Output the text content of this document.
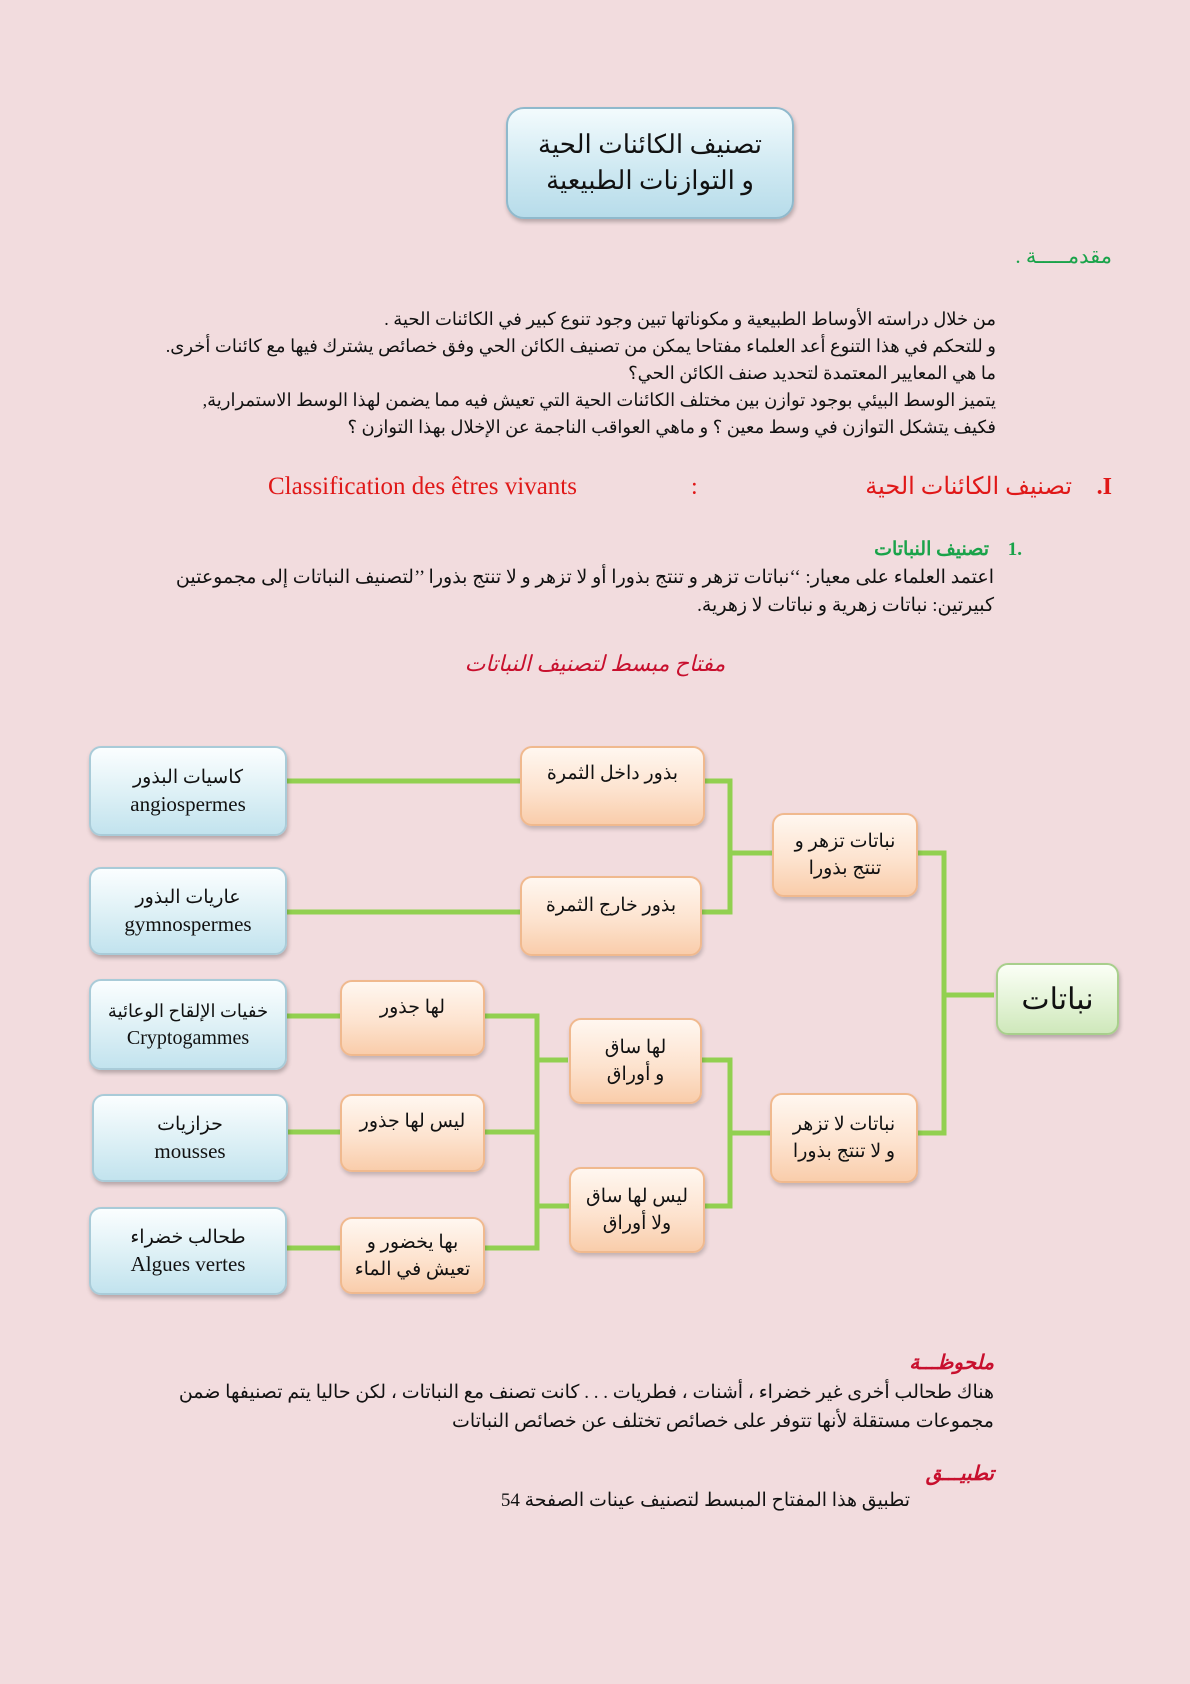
تصنيف الكائنات الحية
و التوازنات الطبيعية
مقدمـــــة .

من خلال دراسته الأوساط الطبيعية و مكوناتها تبين وجود تنوع كبير في الكائنات الحية .

و للتحكم في هذا التنوع أعد العلماء مفتاحا يمكن من تصنيف الكائن الحي وفق خصائص يشترك فيها مع كائنات أخرى.

ما هي المعايير المعتمدة لتحديد صنف الكائن الحي؟

يتميز الوسط البيئي بوجود توازن بين مختلف الكائنات الحية التي تعيش فيه مما يضمن لهذا الوسط الاستمرارية,

فكيف يتشكل التوازن في وسط معين ؟ و ماهي العواقب الناجمة عن الإخلال بهذا التوازن ؟

.I
تصنيف الكائنات الحية
:
Classification des êtres vivants
.1 تصنيف النباتات

اعتمد العلماء على معيار: ‘‘نباتات تزهر و تنتج بذورا أو لا تزهر و لا تنتج بذورا ’’لتصنيف النباتات إلى مجموعتين

كبيرتين: نباتات زهرية و نباتات لا زهرية.

مفتاح مبسط لتصنيف النباتات
نباتات
نباتات تزهر و
تنتج بذورا
نباتات لا تزهر
و لا تنتج بذورا
بذور داخل الثمرة
بذور خارج الثمرة
لها ساق
و أوراق
ليس لها ساق
ولا أوراق
لها جذور
ليس لها جذور
بها يخضور و
تعيش في الماء
كاسيات البذور
angiospermes
عاريات البذور
gymnospermes
خفيات الإلقاح الوعائية
Cryptogammes
حزازيات
mousses
طحالب خضراء
Algues vertes
ملحوظـــة

هناك طحالب أخرى غير خضراء ، أشنات ، فطريات . . . كانت تصنف مع النباتات ، لكن حاليا يتم تصنيفها ضمن

مجموعات مستقلة لأنها تتوفر على خصائص تختلف عن خصائص النباتات

تطبيـــق
تطبيق هذا المفتاح المبسط لتصنيف عينات الصفحة 54
